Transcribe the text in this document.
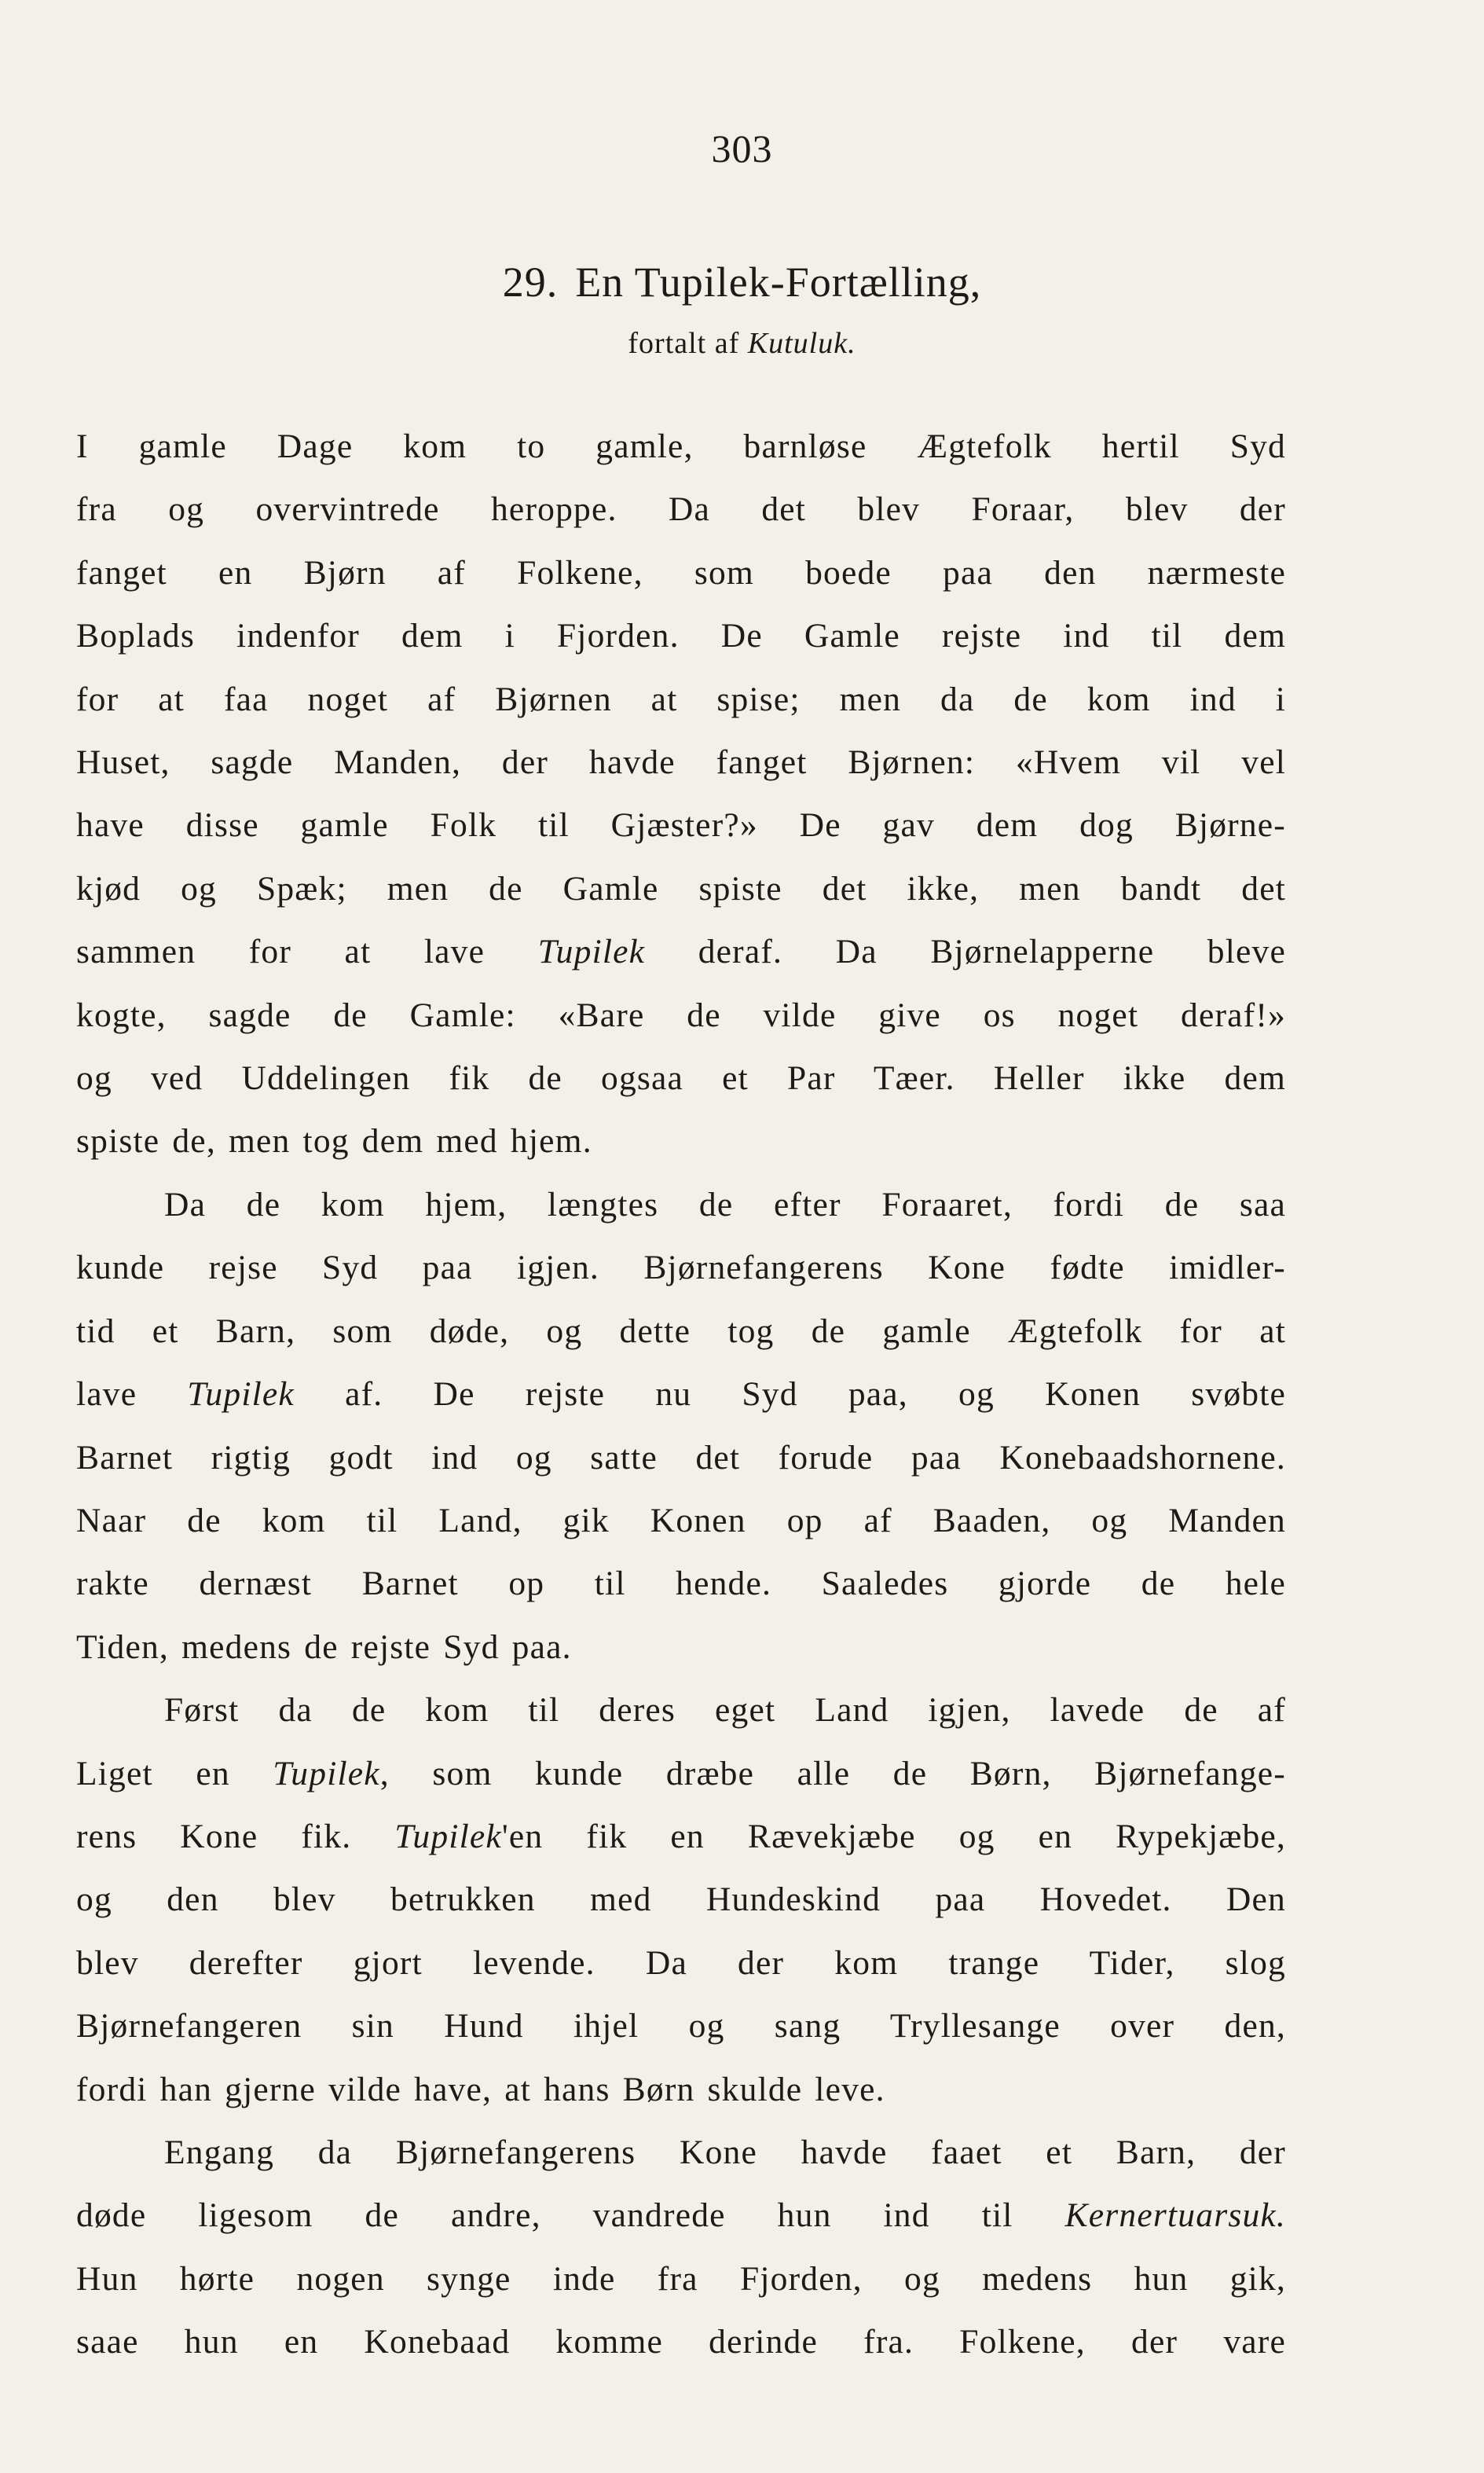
303
29. En Tupilek-Fortælling,
fortalt af Kutuluk.
I gamle Dage kom to gamle, barnløse Ægtefolk hertil Syd
fra og overvintrede heroppe. Da det blev Foraar, blev der
fanget en Bjørn af Folkene, som boede paa den nærmeste
Boplads indenfor dem i Fjorden. De Gamle rejste ind til dem
for at faa noget af Bjørnen at spise; men da de kom ind i
Huset, sagde Manden, der havde fanget Bjørnen: «Hvem vil vel
have disse gamle Folk til Gjæster?» De gav dem dog Bjørne-
kjød og Spæk; men de Gamle spiste det ikke, men bandt det
sammen for at lave Tupilek deraf. Da Bjørnelapperne bleve
kogte, sagde de Gamle: «Bare de vilde give os noget deraf!»
og ved Uddelingen fik de ogsaa et Par Tæer. Heller ikke dem
spiste de, men tog dem med hjem.
Da de kom hjem, længtes de efter Foraaret, fordi de saa
kunde rejse Syd paa igjen. Bjørnefangerens Kone fødte imidler-
tid et Barn, som døde, og dette tog de gamle Ægtefolk for at
lave Tupilek af. De rejste nu Syd paa, og Konen svøbte
Barnet rigtig godt ind og satte det forude paa Konebaadshornene.
Naar de kom til Land, gik Konen op af Baaden, og Manden
rakte dernæst Barnet op til hende. Saaledes gjorde de hele
Tiden, medens de rejste Syd paa.
Først da de kom til deres eget Land igjen, lavede de af
Liget en Tupilek, som kunde dræbe alle de Børn, Bjørnefange-
rens Kone fik. Tupilek'en fik en Rævekjæbe og en Rypekjæbe,
og den blev betrukken med Hundeskind paa Hovedet. Den
blev derefter gjort levende. Da der kom trange Tider, slog
Bjørnefangeren sin Hund ihjel og sang Tryllesange over den,
fordi han gjerne vilde have, at hans Børn skulde leve.
Engang da Bjørnefangerens Kone havde faaet et Barn, der
døde ligesom de andre, vandrede hun ind til Kernertuarsuk.
Hun hørte nogen synge inde fra Fjorden, og medens hun gik,
saae hun en Konebaad komme derinde fra. Folkene, der vare
